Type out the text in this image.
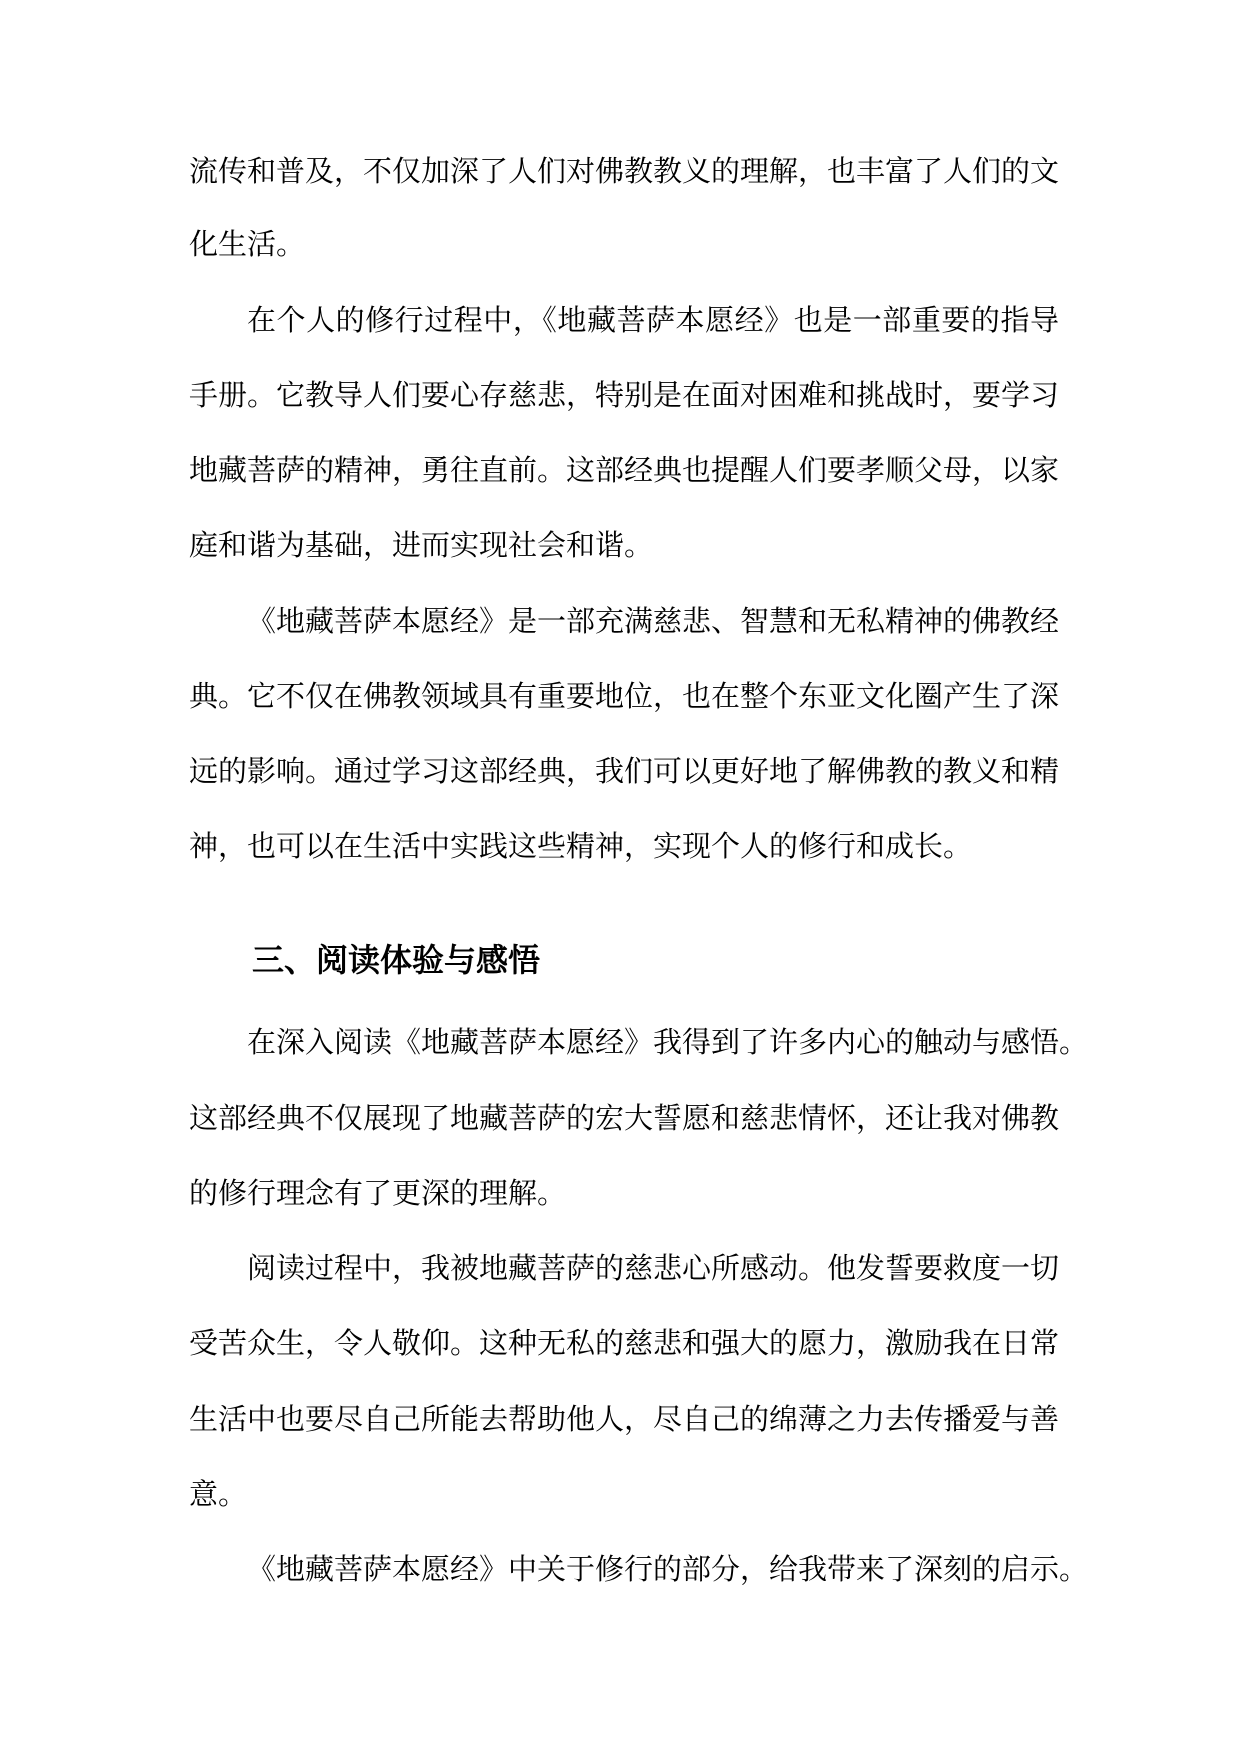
流传和普及，不仅加深了人们对佛教教义的理解，也丰富了人们的文
化生活。
在个人的修行过程中，《地藏菩萨本愿经》也是一部重要的指导
手册。它教导人们要心存慈悲，特别是在面对困难和挑战时，要学习
地藏菩萨的精神，勇往直前。这部经典也提醒人们要孝顺父母，以家
庭和谐为基础，进而实现社会和谐。
《地藏菩萨本愿经》是一部充满慈悲、智慧和无私精神的佛教经
典。它不仅在佛教领域具有重要地位，也在整个东亚文化圈产生了深
远的影响。通过学习这部经典，我们可以更好地了解佛教的教义和精
神，也可以在生活中实践这些精神，实现个人的修行和成长。
三、阅读体验与感悟
在深入阅读《地藏菩萨本愿经》我得到了许多内心的触动与感悟。
这部经典不仅展现了地藏菩萨的宏大誓愿和慈悲情怀，还让我对佛教
的修行理念有了更深的理解。
阅读过程中，我被地藏菩萨的慈悲心所感动。他发誓要救度一切
受苦众生，令人敬仰。这种无私的慈悲和强大的愿力，激励我在日常
生活中也要尽自己所能去帮助他人，尽自己的绵薄之力去传播爱与善
意。
《地藏菩萨本愿经》中关于修行的部分，给我带来了深刻的启示。
